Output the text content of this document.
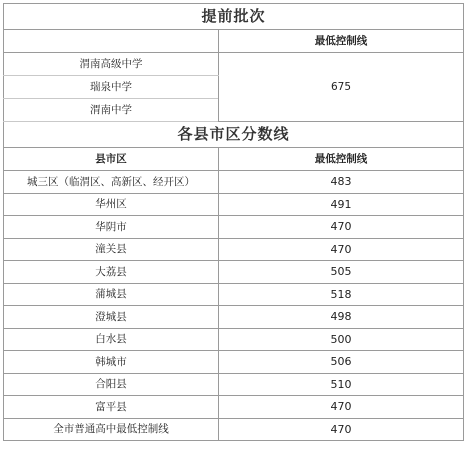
提前批次	
	最低控制线
渭南高级中学	675
瑞泉中学	
渭南中学	
各县市区分数线	
县市区	最低控制线
城三区（临渭区、高新区、经开区）	483
华州区	491
华阴市	470
潼关县	470
大荔县	505
蒲城县	518
澄城县	498
白水县	500
韩城市	506
合阳县	510
富平县	470
全市普通高中最低控制线	470
